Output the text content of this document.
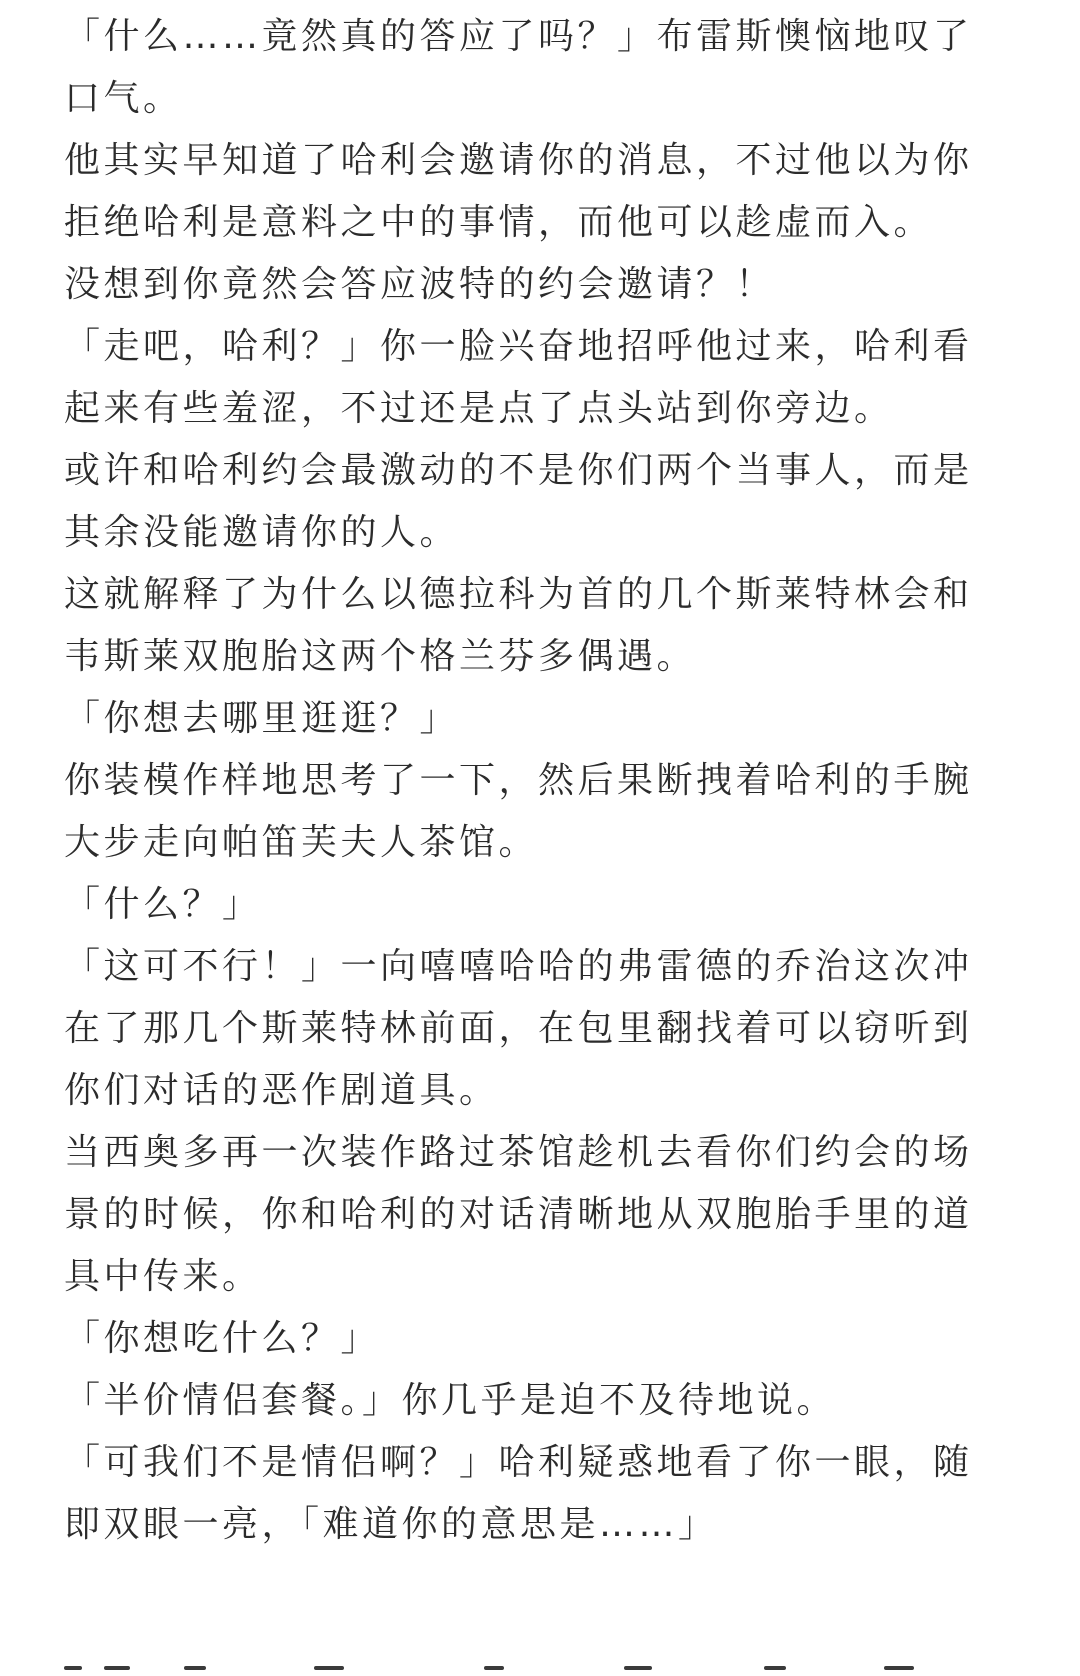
「什么……竟然真的答应了吗？」布雷斯懊恼地叹了口气。

他其实早知道了哈利会邀请你的消息，不过他以为你拒绝哈利是意料之中的事情，而他可以趁虚而入。

没想到你竟然会答应波特的约会邀请？！

「走吧，哈利？」你一脸兴奋地招呼他过来，哈利看起来有些羞涩，不过还是点了点头站到你旁边。

或许和哈利约会最激动的不是你们两个当事人，而是其余没能邀请你的人。

这就解释了为什么以德拉科为首的几个斯莱特林会和韦斯莱双胞胎这两个格兰芬多偶遇。

「你想去哪里逛逛？」

你装模作样地思考了一下，然后果断拽着哈利的手腕大步走向帕笛芙夫人茶馆。

「什么？」

「这可不行！」一向嘻嘻哈哈的弗雷德的乔治这次冲在了那几个斯莱特林前面，在包里翻找着可以窃听到你们对话的恶作剧道具。

当西奥多再一次装作路过茶馆趁机去看你们约会的场景的时候，你和哈利的对话清晰地从双胞胎手里的道具中传来。

「你想吃什么？」

「半价情侣套餐。」你几乎是迫不及待地说。

「可我们不是情侣啊？」哈利疑惑地看了你一眼，随即双眼一亮，「难道你的意思是……」
